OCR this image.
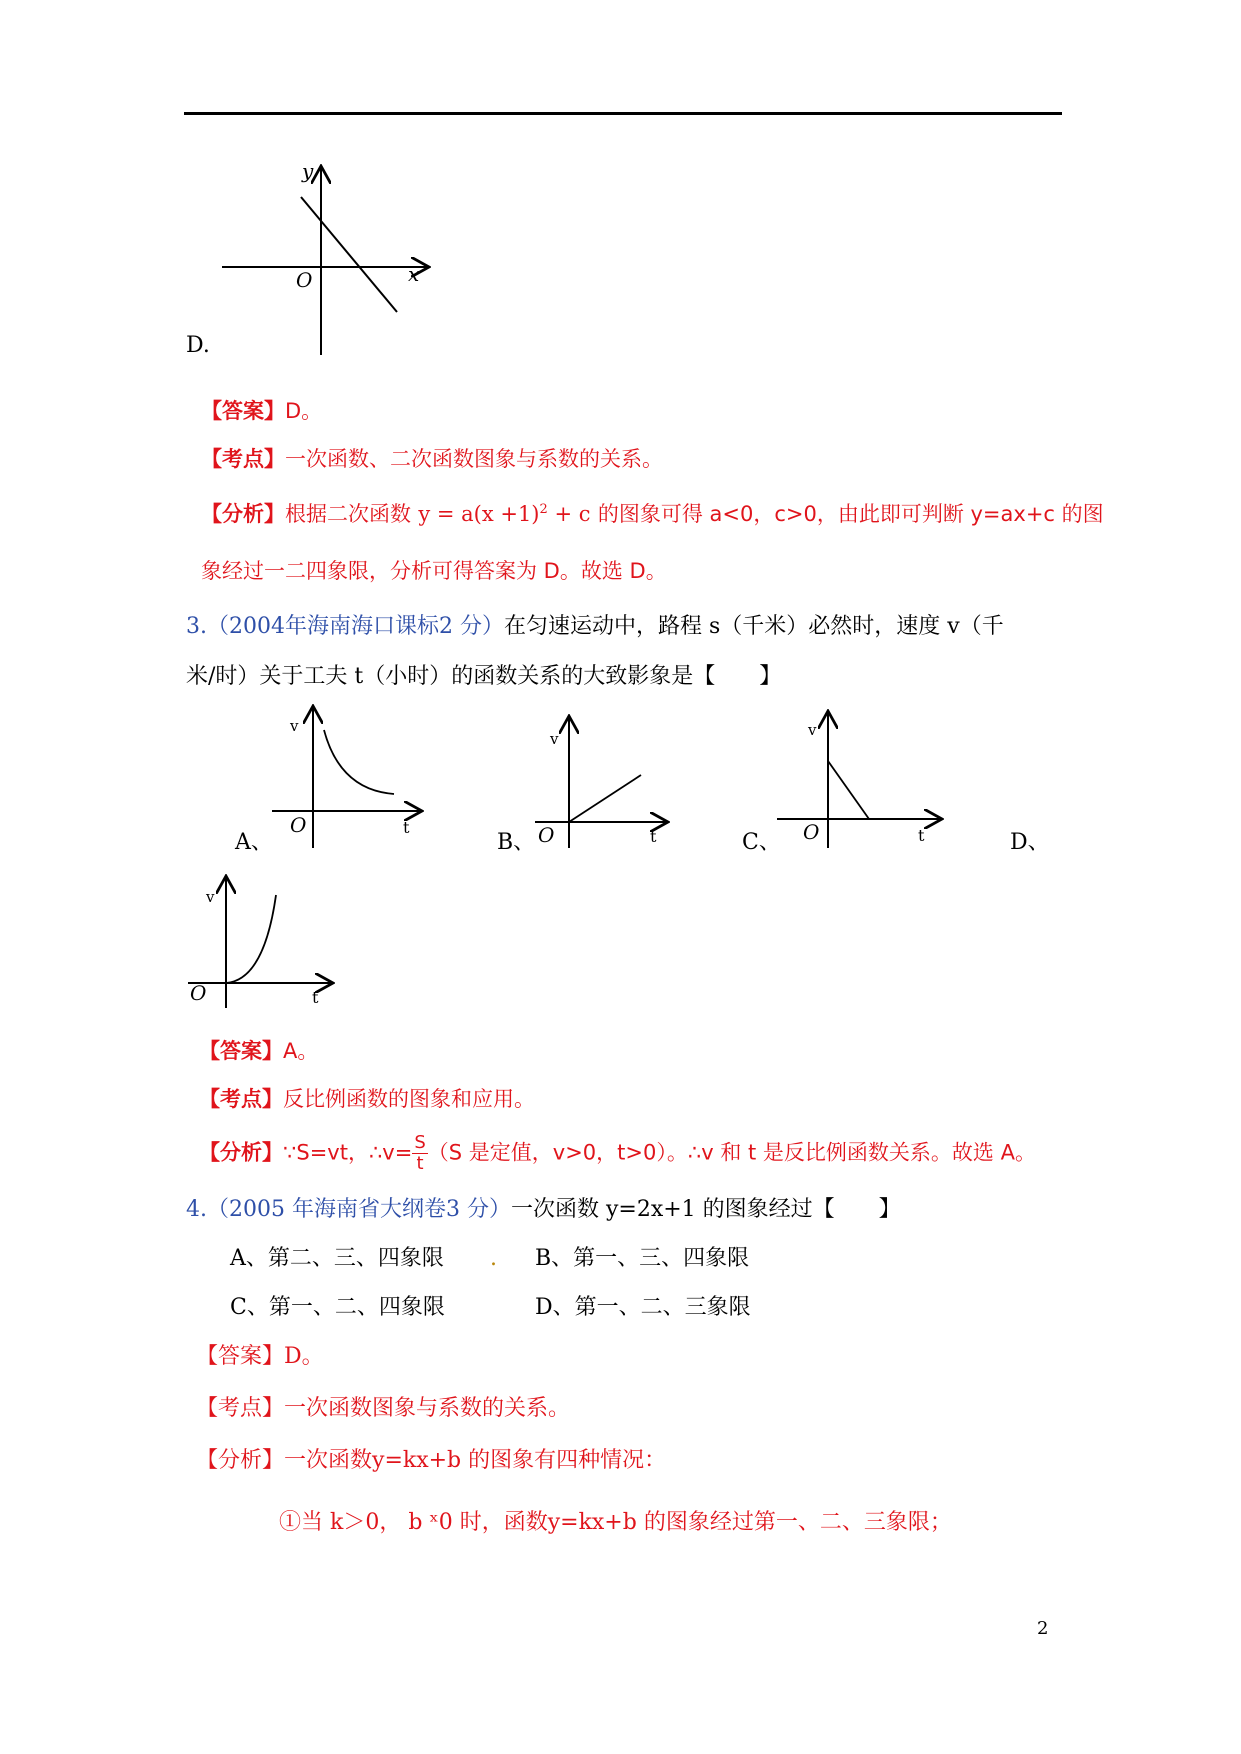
y
x
O
D.
【答案】D。
【考点】一次函数、二次函数图象与系数的关系。
【分析】根据二次函数 $y = a(x +1)^2 + c$ 的图象可得 a<0，c>0，由此即可判断 y=ax+c 的图
象经过一二四象限，分析可得答案为 D。故选 D。
3.（2004年海南海口课标2 分）在匀速运动中，路程 s（千米）必然时，速度 v（千
米/时）关于工夫 t（小时）的函数关系的大致影象是【　　】
v
t
O
A、
v
t
O
B、
v
t
O
C、	D、
v
t
O
【答案】A。
【考点】反比例函数的图象和应用。
【分析】∵S=vt，∴v= $\frac{S}{t} (S$ 是定值，v>0，t>0）。∴v 和 t 是反比例函数关系。故选 A。
4.（2005 年海南省大纲卷3 分）一次函数 y=2x+1 的图象经过【　　】
A、第二、三、四象限 . B、第一、三、四象限
C、第一、二、四象限	D、第一、二、三象限
【答案】D。
【考点】一次函数图象与系数的关系。
【分析】一次函数y=kx+b 的图象有四种情况：
①当 k＞0， b ˣ0 时，函数y=kx+b 的图象经过第一、二、三象限；
2
